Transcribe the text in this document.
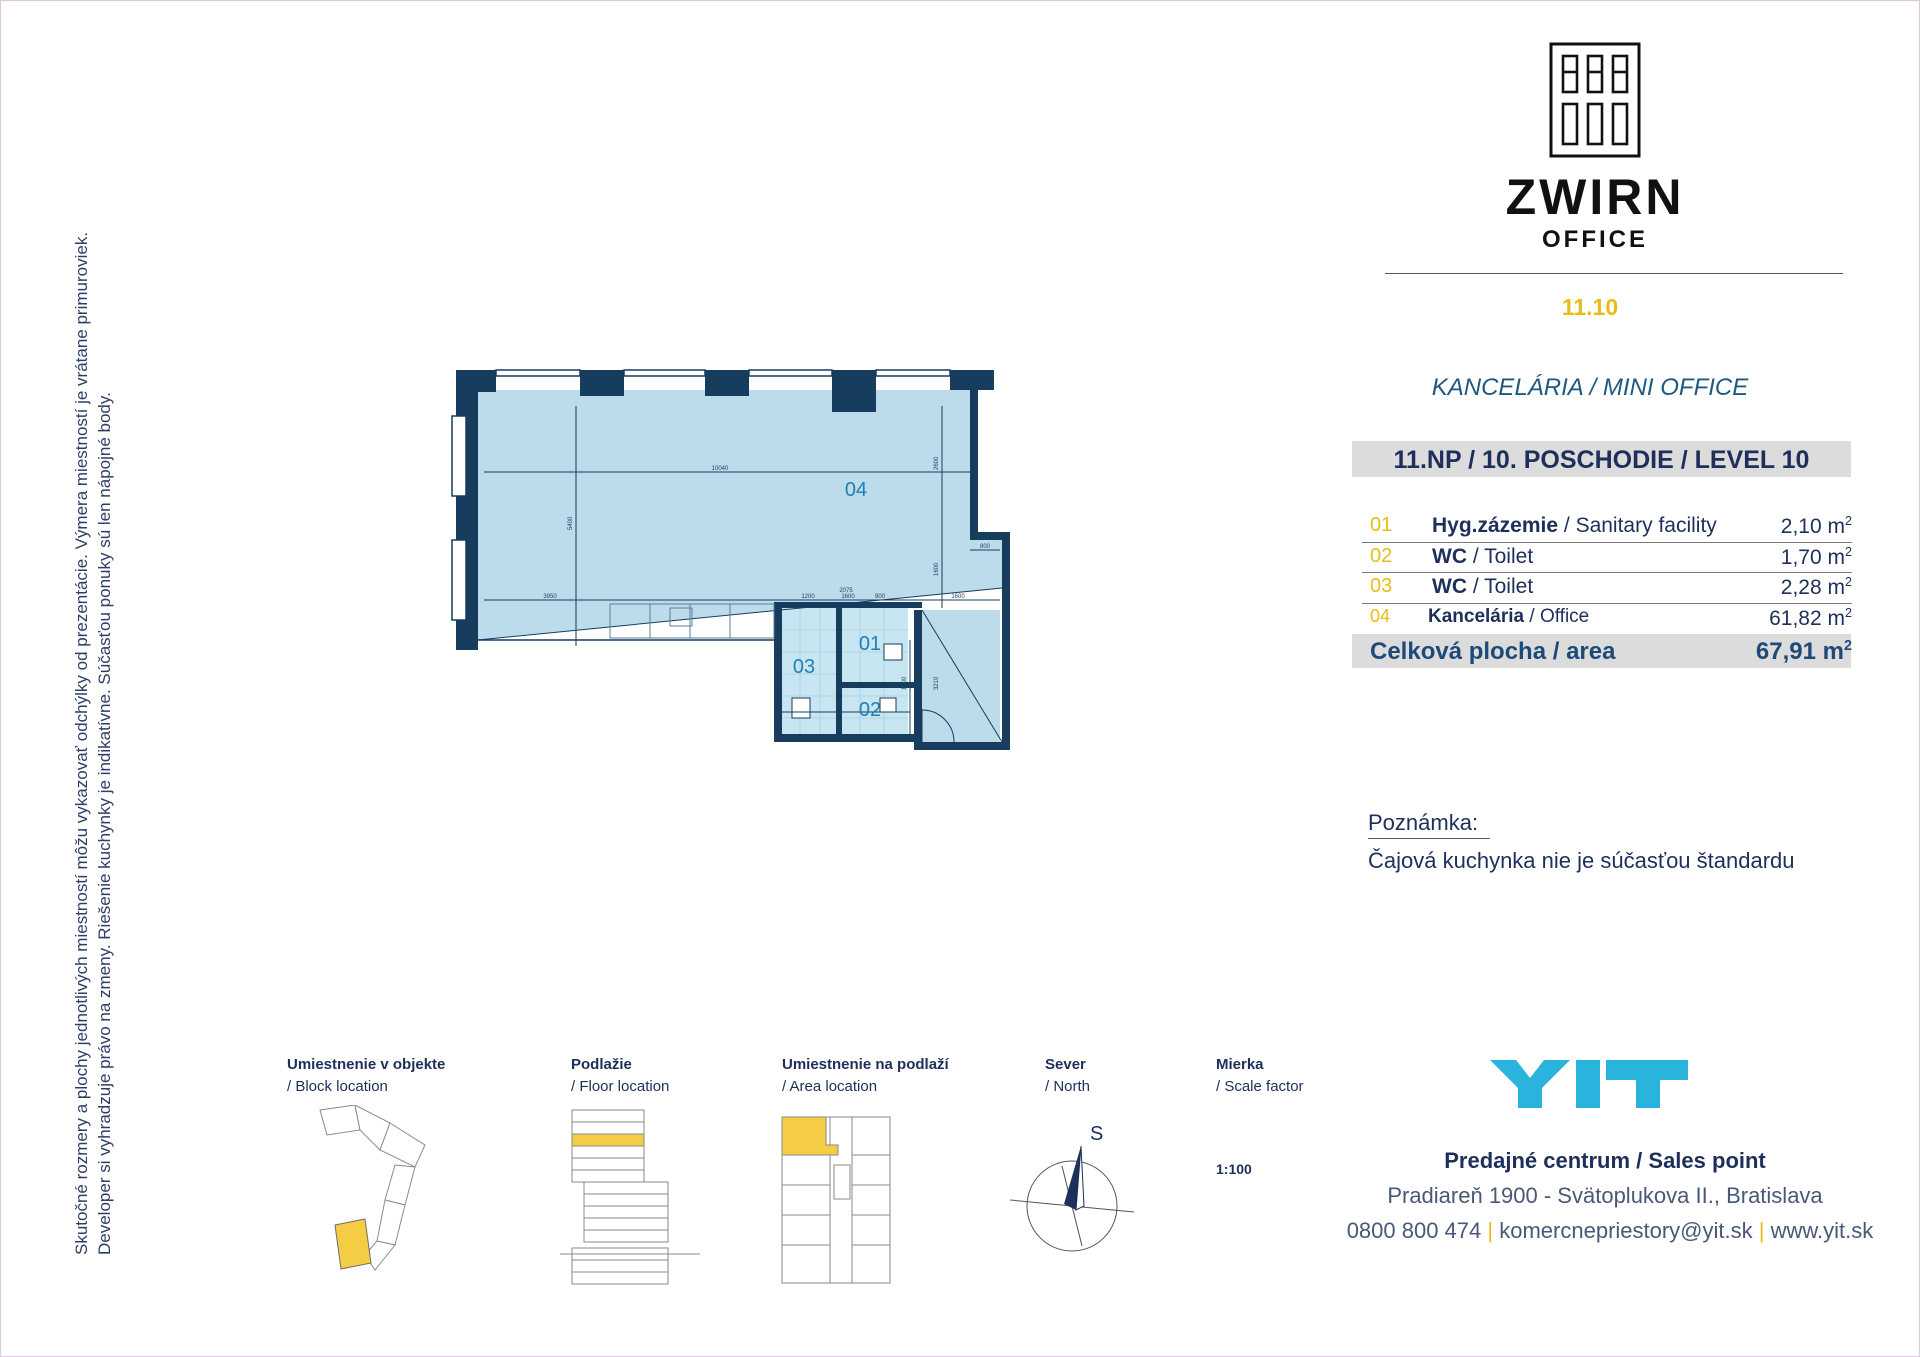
Skutočné rozmery a plochy jednotlivých miestností môžu vykazovať odchýlky od prezentácie. Výmera miestností je vrátane primuroviek. Developer si vyhradzuje právo na zmeny. Riešenie kuchynky je indikatívne. Súčasťou ponuky sú len nápojné body.
ZWIRN
OFFICE
11.10
KANCELÁRIA / MINI OFFICE
11.NP / 10. POSCHODIE / LEVEL 10
01 Hyg.zázemie / Sanitary facility	2,10 $m^2$
02 WC / Toilet	1,70 $m^2$
03 WC / Toilet	2,28 $m^2$
04 Kancelária / Office	61,82 $m^2$
Celková plocha / area	67,91 $m^2$
Poznámka:
Čajová kuchynka nie je súčasťou štandardu
10040
5400
2600
1600
800
3950	1200	1600	900	1600
2075
3210
1800
04
01
03
02
Umiestnenie v objekte
/ Block location
Podlažie
/ Floor location
Umiestnenie na podlaží
/ Area location
Sever
/ North
S
Mierka
/ Scale factor
1:100	Predajné centrum / Sales point
Pradiareň 1900 - Svätoplukova II., Bratislava
0800 800 474 | komercnepriestory@yit.sk | www.yit.sk
